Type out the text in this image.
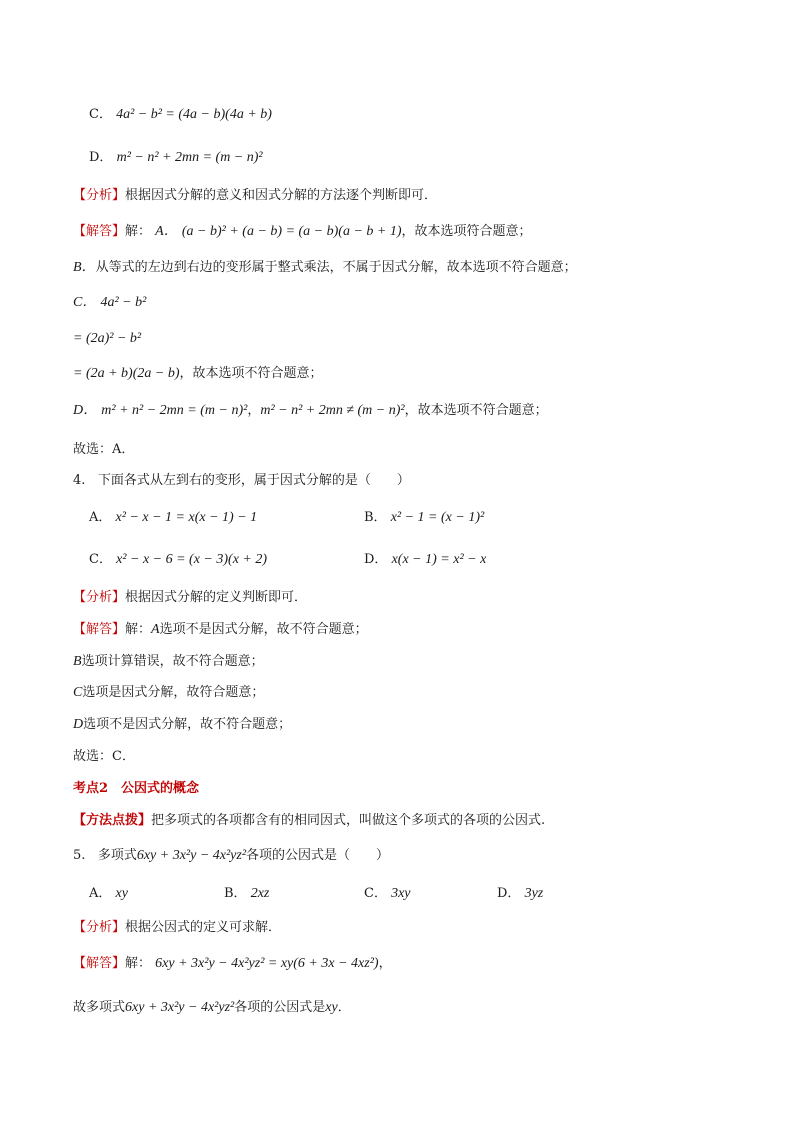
C． 4a² − b² = (4a − b)(4a + b)
D． m² − n² + 2mn = (m − n)²
【分析】根据因式分解的意义和因式分解的方法逐个判断即可．
【解答】解： A． (a − b)² + (a − b) = (a − b)(a − b + 1)，故本选项符合题意；
B．从等式的左边到右边的变形属于整式乘法，不属于因式分解，故本选项不符合题意；
C． 4a² − b²
= (2a)² − b²
= (2a + b)(2a − b)，故本选项不符合题意；
D． m² + n² − 2mn = (m − n)²，m² − n² + 2mn ≠ (m − n)²，故本选项不符合题意；
故选：A．
4. 下面各式从左到右的变形，属于因式分解的是（　　）
A． x² − x − 1 = x(x − 1) − 1	B． x² − 1 = (x − 1)²
C． x² − x − 6 = (x − 3)(x + 2)	D． x(x − 1) = x² − x
【分析】根据因式分解的定义判断即可．
【解答】解：A选项不是因式分解，故不符合题意；
B选项计算错误，故不符合题意；
C选项是因式分解，故符合题意；
D选项不是因式分解，故不符合题意；
故选：C．
考点2　公因式的概念
【方法点拨】把多项式的各项都含有的相同因式，叫做这个多项式的各项的公因式.
5. 多项式6xy + 3x²y − 4x²yz²各项的公因式是（　　）
A． xy	B． 2xz	C． 3xy	D． 3yz
【分析】根据公因式的定义可求解．
【解答】解： 6xy + 3x²y − 4x²yz² = xy(6 + 3x − 4xz²)，
故多项式6xy + 3x²y − 4x²yz²各项的公因式是xy．
